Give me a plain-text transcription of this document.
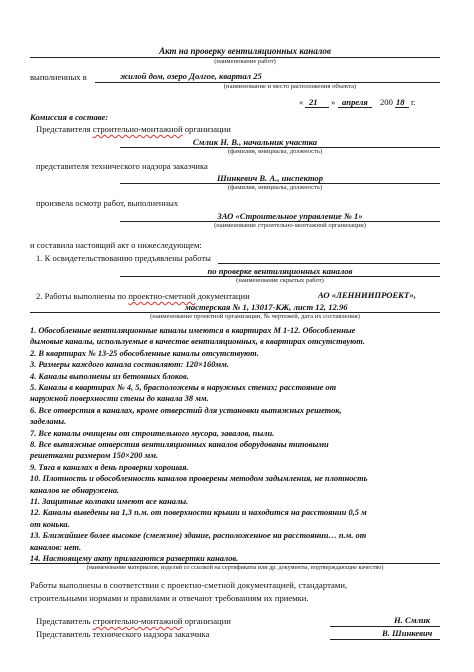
Акт на проверку вентиляционных каналов
(наименование работ)
выполненных в	жилой дом, озеро Долгое, квартал 25
(наименование и место расположения объекта)
« 21 » апреля 200 18 г.
Комиссия в составе:
Представителя строительно-монтажной организации
Смлик Н. В., начальник участка
(фамилия, инициалы, должность)
представителя технического надзора заказчика
Шинкевич В. А., инспектор
(фамилия, инициалы, должность)
произвела осмотр работ, выполненных
ЗАО «Строительное управление № 1»
(наименование строительно-монтажной организации)
и составила настоящий акт о нижеследующем:
1. К освидетельствованию предъявлены работы
по проверке вентиляционных каналов
(наименование скрытых работ)
2. Работы выполнены по проектно-сметной документации	АО «ЛЕННИИПРОЕКТ»,
мастерская № 1, 13017-КЖ, лист 12, 12.96
(наименование проектной организации, № чертежей, дата их составления)
1. Обособленные вентиляционные каналы имеются в квартирах М 1-12. Обособленные
дымовые каналы, используемые в качестве вентиляционных, в квартирах отсутствуют.
2. В квартирах № 13-25 обособленные каналы отсутствуют.
3. Размеры каждого канала составляют: 120×160мм.
4. Каналы выполнены из бетонных блоков.
5. Каналы в квартирах № 4, 5, брасположены в наружных стенах; расстояние от
наружной поверхности стены до канала 38 мм.
6. Все отверстия в каналах, кроме отверстий для установки вытяжных решеток,
заделаны.
7. Все каналы очищены от строительного мусора, завалов, пыли.
8. Все вытяжные отверстия вентиляционных каналов оборудованы типовыми
решетками размером 150×200 мм.
9. Тяга в каналах в день проверки хорошая.
10. Плотность и обособленность каналов проверены методом задымления, не плотность
каналов не обнаружена.
11. Защитные колпаки имеют все каналы.
12. Каналы выведены на 1,3 п.м. от поверхности крыши и находится на расстоянии 0,5 м
от конька.
13. Ближайшее более высокое (смежное) здание, расположенное на расстоянии… п.м. от
каналов: нет.
14. Настоящему акту прилагаются развертки каналов.
(наименование материалов, изделий со ссылкой на сертификаты или др. документы, подтверждающие качество)
Работы выполнены в соответствии с проектно-сметной документацией, стандартами,
строительными нормами и правилами и отвечают требованиям их приемки.
Представитель строительно-монтажной организации	Н. Смлик
Представитель технического надзора заказчика	В. Шинкевич
